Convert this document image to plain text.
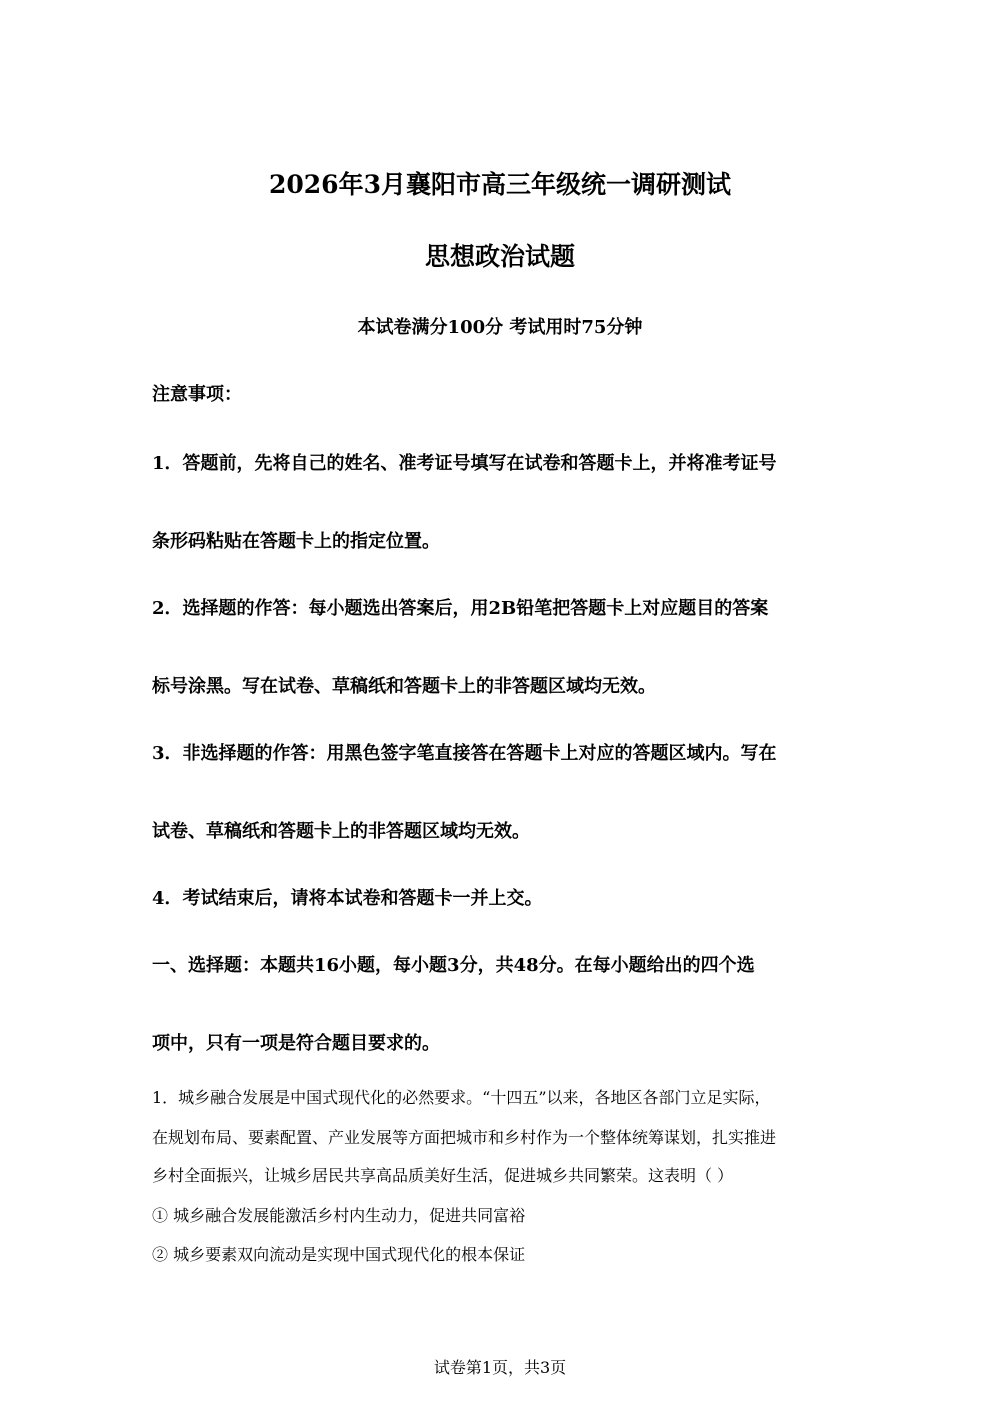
2026年3月襄阳市高三年级统一调研测试
思想政治试题
本试卷满分100分 考试用时75分钟
注意事项：
1．答题前，先将自己的姓名、准考证号填写在试卷和答题卡上，并将准考证号
条形码粘贴在答题卡上的指定位置。
2．选择题的作答：每小题选出答案后，用2B铅笔把答题卡上对应题目的答案
标号涂黑。写在试卷、草稿纸和答题卡上的非答题区域均无效。
3．非选择题的作答：用黑色签字笔直接答在答题卡上对应的答题区域内。写在
试卷、草稿纸和答题卡上的非答题区域均无效。
4．考试结束后，请将本试卷和答题卡一并上交。
一、选择题：本题共16小题，每小题3分，共48分。在每小题给出的四个选
项中，只有一项是符合题目要求的。
1．城乡融合发展是中国式现代化的必然要求。“十四五”以来，各地区各部门立足实际，
在规划布局、要素配置、产业发展等方面把城市和乡村作为一个整体统筹谋划，扎实推进
乡村全面振兴，让城乡居民共享高品质美好生活，促进城乡共同繁荣。这表明（ ）
① 城乡融合发展能激活乡村内生动力，促进共同富裕
② 城乡要素双向流动是实现中国式现代化的根本保证
试卷第1页，共3页
